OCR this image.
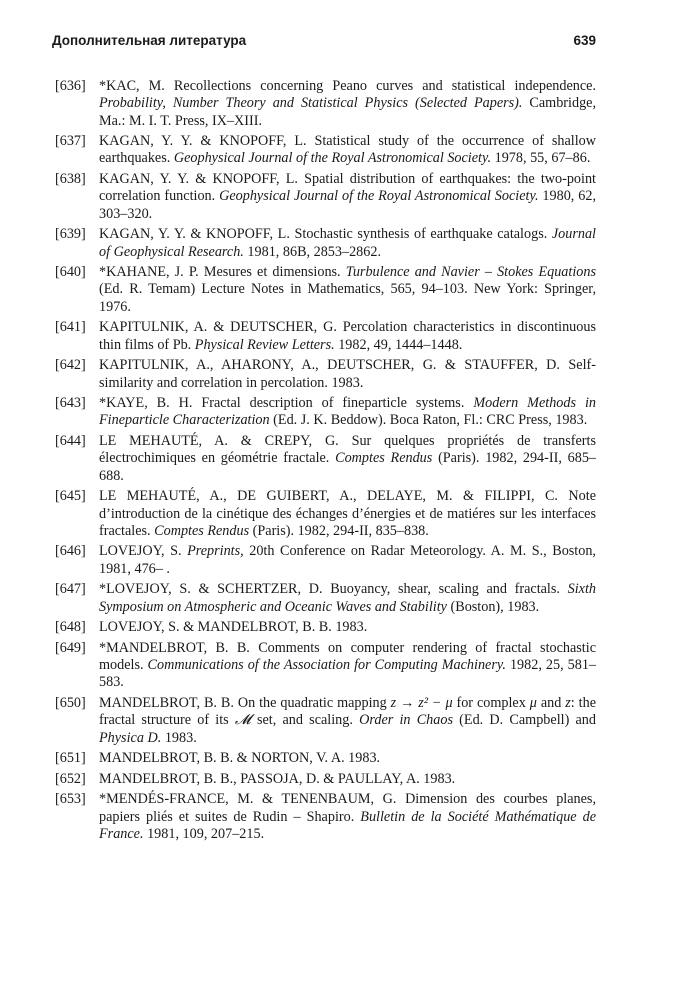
Дополнительная литература	639
[636] *KAC, M. Recollections concerning Peano curves and statistical independence. Probability, Number Theory and Statistical Physics (Selected Papers). Cambridge, Ma.: M. I. T. Press, IX–XIII.
[637] KAGAN, Y. Y. & KNOPOFF, L. Statistical study of the occurrence of shallow earthquakes. Geophysical Journal of the Royal Astronomical Society. 1978, 55, 67–86.
[638] KAGAN, Y. Y. & KNOPOFF, L. Spatial distribution of earthquakes: the two-point correlation function. Geophysical Journal of the Royal Astronomical Society. 1980, 62, 303–320.
[639] KAGAN, Y. Y. & KNOPOFF, L. Stochastic synthesis of earthquake catalogs. Journal of Geophysical Research. 1981, 86B, 2853–2862.
[640] *KAHANE, J. P. Mesures et dimensions. Turbulence and Navier – Stokes Equations (Ed. R. Temam) Lecture Notes in Mathematics, 565, 94–103. New York: Springer, 1976.
[641] KAPITULNIK, A. & DEUTSCHER, G. Percolation characteristics in discontinuous thin films of Pb. Physical Review Letters. 1982, 49, 1444–1448.
[642] KAPITULNIK, A., AHARONY, A., DEUTSCHER, G. & STAUFFER, D. Self-similarity and correlation in percolation. 1983.
[643] *KAYE, B. H. Fractal description of fineparticle systems. Modern Methods in Fineparticle Characterization (Ed. J. K. Beddow). Boca Raton, Fl.: CRC Press, 1983.
[644] LE MEHAUTÉ, A. & CREPY, G. Sur quelques propriétés de transferts électrochimiques en géométrie fractale. Comptes Rendus (Paris). 1982, 294-II, 685–688.
[645] LE MEHAUTÉ, A., DE GUIBERT, A., DELAYE, M. & FILIPPI, C. Note d’introduction de la cinétique des échanges d’énergies et de matiéres sur les interfaces fractales. Comptes Rendus (Paris). 1982, 294-II, 835–838.
[646] LOVEJOY, S. Preprints, 20th Conference on Radar Meteorology. A. M. S., Boston, 1981, 476– .
[647] *LOVEJOY, S. & SCHERTZER, D. Buoyancy, shear, scaling and fractals. Sixth Symposium on Atmospheric and Oceanic Waves and Stability (Boston), 1983.
[648] LOVEJOY, S. & MANDELBROT, B. B. 1983.
[649] *MANDELBROT, B. B. Comments on computer rendering of fractal stochastic models. Communications of the Association for Computing Machinery. 1982, 25, 581–583.
[650] MANDELBROT, B. B. On the quadratic mapping z → z² − μ for complex μ and z: the fractal structure of its 𝓜 set, and scaling. Order in Chaos (Ed. D. Campbell) and Physica D. 1983.
[651] MANDELBROT, B. B. & NORTON, V. A. 1983.
[652] MANDELBROT, B. B., PASSOJA, D. & PAULLAY, A. 1983.
[653] *MENDÉS-FRANCE, M. & TENENBAUM, G. Dimension des courbes planes, papiers pliés et suites de Rudin – Shapiro. Bulletin de la Société Mathématique de France. 1981, 109, 207–215.
